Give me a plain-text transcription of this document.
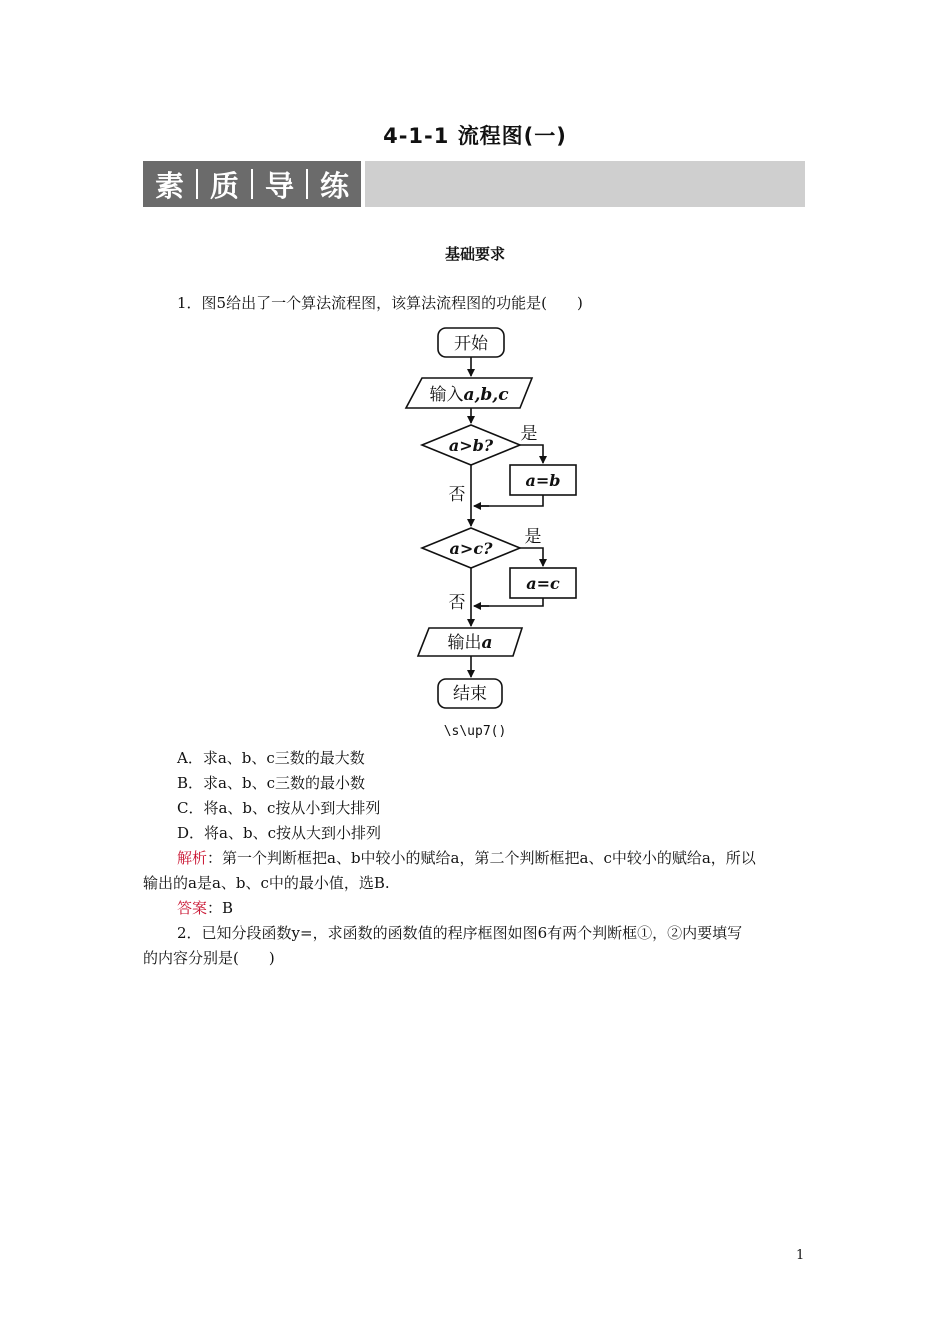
4-1-1 流程图(一)
素 质 导 练
基础要求
1．图5给出了一个算法流程图，该算法流程图的功能是(　　)
开始
输入a,b,c
a>b?
是
a=b
否
a>c?
是
a=c
否
输出a
结束
\s\up7()
A．求a、b、c三数的最大数
B．求a、b、c三数的最小数
C．将a、b、c按从小到大排列
D．将a、b、c按从大到小排列
解析：第一个判断框把a、b中较小的赋给a，第二个判断框把a、c中较小的赋给a，所以
输出的a是a、b、c中的最小值，选B.
答案：B
2．已知分段函数y=，求函数的函数值的程序框图如图6有两个判断框①，②内要填写
的内容分别是(　　)
1
